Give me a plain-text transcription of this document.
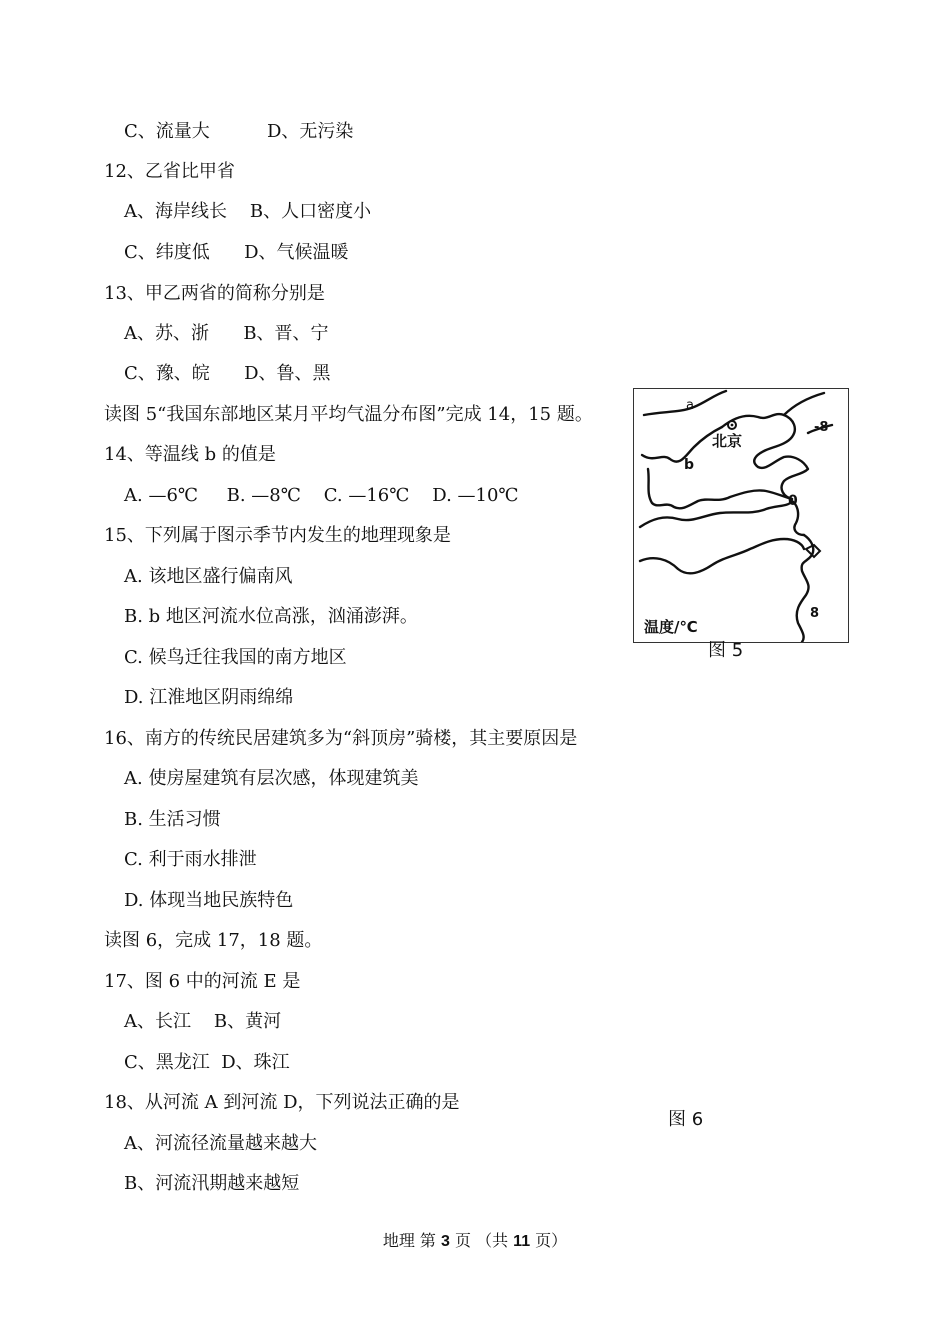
C、流量大          D、无污染
12、乙省比甲省
A、海岸线长    B、人口密度小
C、纬度低      D、气候温暖
13、甲乙两省的简称分别是
A、苏、浙      B、晋、宁
C、豫、皖      D、鲁、黑
读图 5“我国东部地区某月平均气温分布图”完成 14，15 题。
14、等温线 b 的值是
A. —6℃     B. —8℃    C. —16℃    D. —10℃
15、下列属于图示季节内发生的地理现象是
A. 该地区盛行偏南风
B. b 地区河流水位高涨，汹涌澎湃。
C. 候鸟迁往我国的南方地区
D. 江淮地区阴雨绵绵
16、南方的传统民居建筑多为“斜顶房”骑楼，其主要原因是
A. 使房屋建筑有层次感，体现建筑美
B. 生活习惯
C. 利于雨水排泄
D. 体现当地民族特色
读图 6，完成 17，18 题。
17、图 6 中的河流 E 是
A、长江    B、黄河
C、黑龙江  D、珠江
18、从河流 A 到河流 D，下列说法正确的是
A、河流径流量越来越大
B、河流汛期越来越短
a
b
北京
-8
0
8
温度/℃
图 5
图 6
地理 第 3 页 （共 11 页）
